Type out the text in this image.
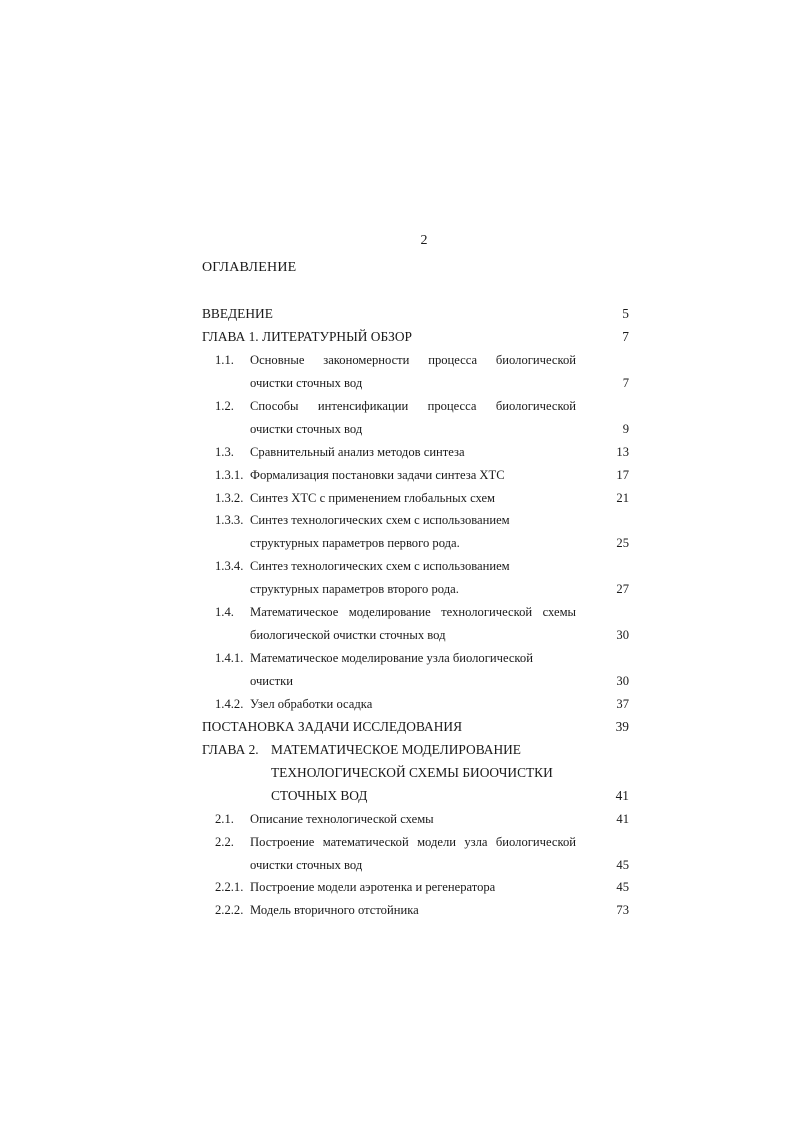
2
ОГЛАВЛЕНИЕ
ВВЕДЕНИЕ	5
ГЛАВА 1. ЛИТЕРАТУРНЫЙ ОБЗОР	7
1.1. Основные закономерности процесса биологической
очистки сточных вод	7
1.2. Способы интенсификации процесса биологической
очистки сточных вод	9
1.3. Сравнительный анализ методов синтеза	13
1.3.1. Формализация постановки задачи синтеза ХТС	17
1.3.2. Синтез ХТС с применением глобальных схем	21
1.3.3. Синтез технологических схем с использованием
структурных параметров первого рода.	25
1.3.4. Синтез технологических схем с использованием
структурных параметров второго рода.	27
1.4. Математическое моделирование технологической схемы
биологической очистки сточных вод	30
1.4.1. Математическое моделирование узла биологической
очистки	30
1.4.2. Узел обработки осадка	37
ПОСТАНОВКА ЗАДАЧИ ИССЛЕДОВАНИЯ	39
ГЛАВА 2. МАТЕМАТИЧЕСКОЕ МОДЕЛИРОВАНИЕ
ТЕХНОЛОГИЧЕСКОЙ СХЕМЫ БИООЧИСТКИ
СТОЧНЫХ ВОД	41
2.1. Описание технологической схемы	41
2.2. Построение математической модели узла биологической
очистки сточных вод	45
2.2.1. Построение модели аэротенка и регенератора	45
2.2.2. Модель вторичного отстойника	73
